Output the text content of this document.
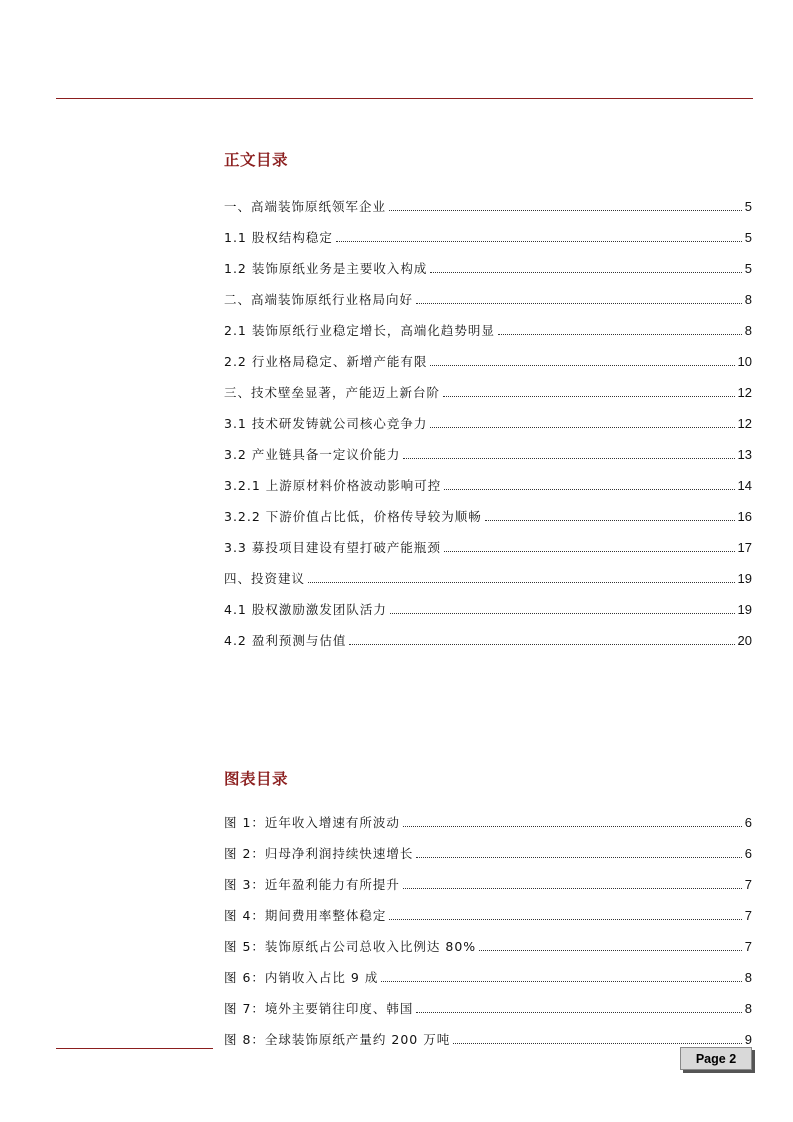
正文目录
一、高端装饰原纸领军企业	5
1.1 股权结构稳定	5
1.2 装饰原纸业务是主要收入构成	5
二、高端装饰原纸行业格局向好	8
2.1 装饰原纸行业稳定增长，高端化趋势明显	8
2.2 行业格局稳定、新增产能有限	10
三、技术壁垒显著，产能迈上新台阶	12
3.1 技术研发铸就公司核心竞争力	12
3.2 产业链具备一定议价能力	13
3.2.1 上游原材料价格波动影响可控	14
3.2.2 下游价值占比低，价格传导较为顺畅	16
3.3 募投项目建设有望打破产能瓶颈	17
四、投资建议	19
4.1 股权激励激发团队活力	19
4.2 盈利预测与估值	20
图表目录
图 1：近年收入增速有所波动	6
图 2：归母净利润持续快速增长	6
图 3：近年盈利能力有所提升	7
图 4：期间费用率整体稳定	7
图 5：装饰原纸占公司总收入比例达 80%	7
图 6：内销收入占比 9 成	8
图 7：境外主要销往印度、韩国	8
图 8：全球装饰原纸产量约 200 万吨	9
Page 2
